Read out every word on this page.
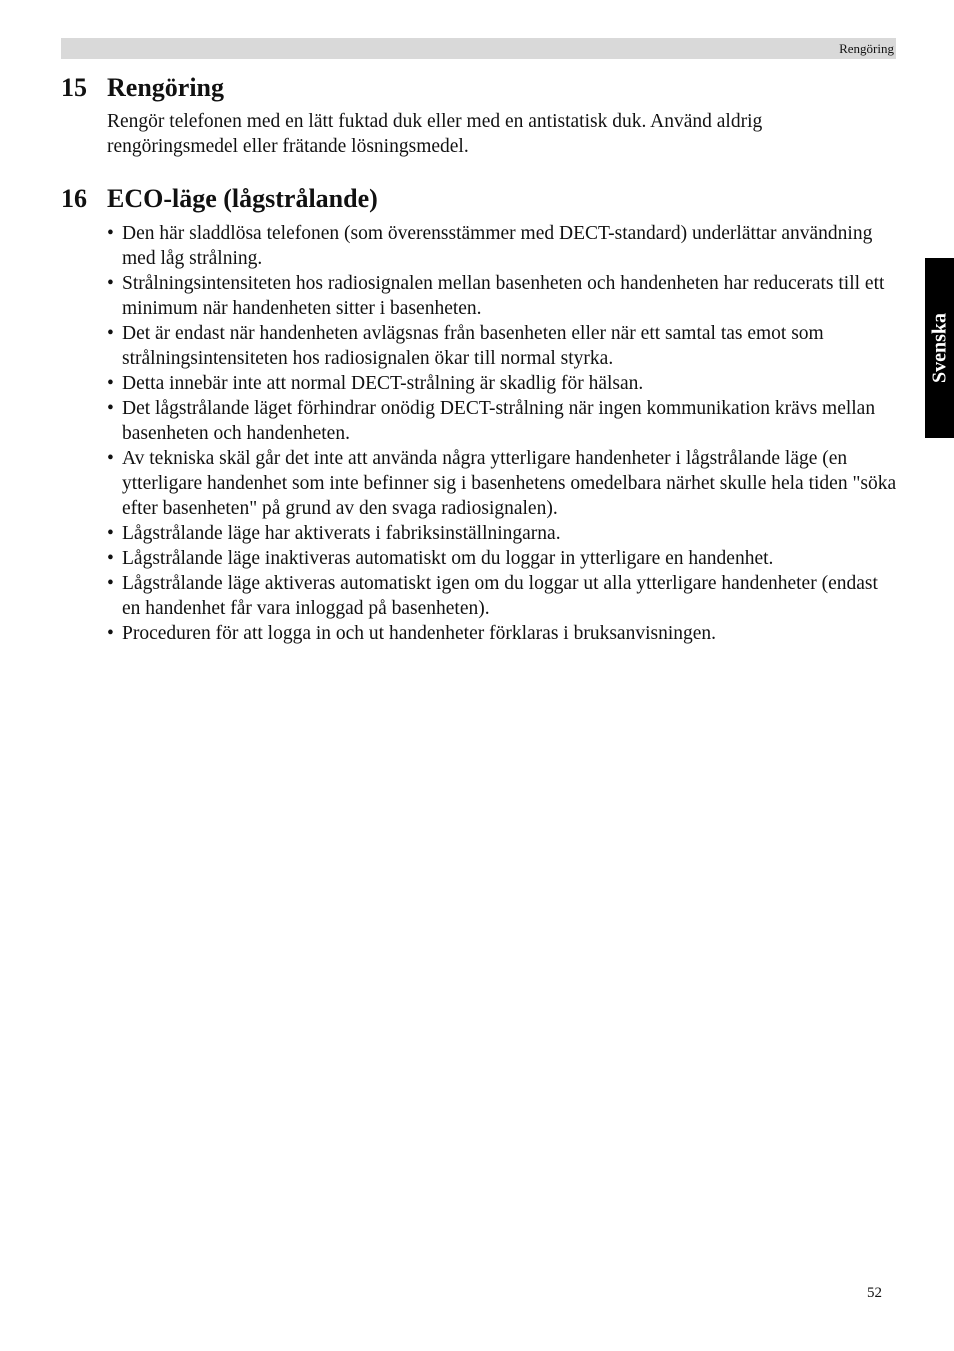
Rengöring
15 Rengöring

Rengör telefonen med en lätt fuktad duk eller med en antistatisk duk. Använd aldrig rengöringsmedel eller frätande lösningsmedel.

16 ECO-läge (lågstrålande)
• Den här sladdlösa telefonen (som överensstämmer med DECT-standard) underlättar användning med låg strålning.
• Strålningsintensiteten hos radiosignalen mellan basenheten och handenheten har reducerats till ett minimum när handenheten sitter i basenheten.
• Det är endast när handenheten avlägsnas från basenheten eller när ett samtal tas emot som strålningsintensiteten hos radiosignalen ökar till normal styrka.
• Detta innebär inte att normal DECT-strålning är skadlig för hälsan.
• Det lågstrålande läget förhindrar onödig DECT-strålning när ingen kommunikation krävs mellan basenheten och handenheten.
• Av tekniska skäl går det inte att använda några ytterligare handenheter i lågstrålande läge (en ytterligare handenhet som inte befinner sig i basenhetens omedelbara närhet skulle hela tiden "söka efter basenheten" på grund av den svaga radiosignalen).
• Lågstrålande läge har aktiverats i fabriksinställningarna.
• Lågstrålande läge inaktiveras automatiskt om du loggar in ytterligare en handenhet.
• Lågstrålande läge aktiveras automatiskt igen om du loggar ut alla ytterligare handenheter (endast en handenhet får vara inloggad på basenheten).
• Proceduren för att logga in och ut handenheter förklaras i bruksanvisningen.
Svenska
52
